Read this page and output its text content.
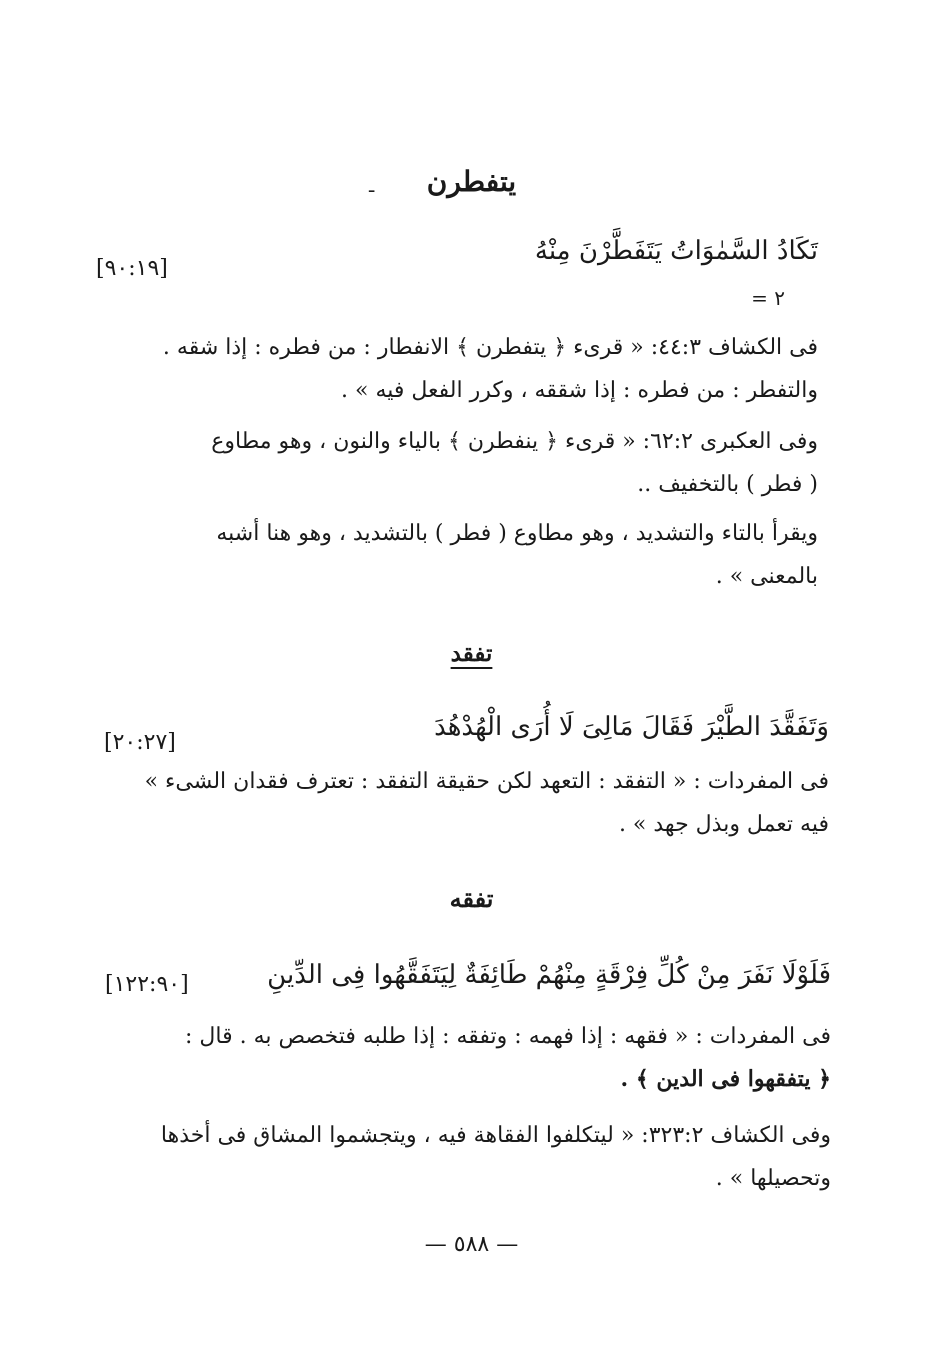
يتفطرن
ـ
تَكَادُ السَّمٰوَاتُ يَتَفَطَّرْنَ مِنْهُ
[٩٠:١٩]
٢ =
فى الكشاف ٤٤:٣: « قرىء ﴿ يتفطرن ﴾ الانفطار : من فطره : إذا شقه .
والتفطر : من فطره : إذا شققه ، وكرر الفعل فيه » .
وفى العكبرى ٦٢:٢: « قرىء ﴿ ينفطرن ﴾ بالياء والنون ، وهو مطاوع
( فطر ) بالتخفيف ..
ويقرأ بالتاء والتشديد ، وهو مطاوع ( فطر ) بالتشديد ، وهو هنا أشبه
بالمعنى » .
تفقد
وَتَفَقَّدَ الطَّيْرَ فَقَالَ مَالِىَ لَا أُرَى الْهُدْهُدَ
[٢٠:٢٧]
فى المفردات : « التفقد : التعهد لكن حقيقة التفقد : تعترف فقدان الشىء »
فيه تعمل وبذل جهد » .
تفقه
فَلَوْلَا نَفَرَ مِنْ كُلِّ فِرْقَةٍ مِنْهُمْ طَائِفَةٌ لِيَتَفَقَّهُوا فِى الدِّينِ
[١٢٢:٩٠]
فى المفردات : « فقهه : إذا فهمه : وتفقه : إذا طلبه فتخصص به . قال :
﴿ يتفقهوا فى الدين ﴾ .
وفى الكشاف ٣٢٣:٢: « ليتكلفوا الفقاهة فيه ، ويتجشموا المشاق فى أخذها
وتحصيلها » .
— ٥٨٨ —
